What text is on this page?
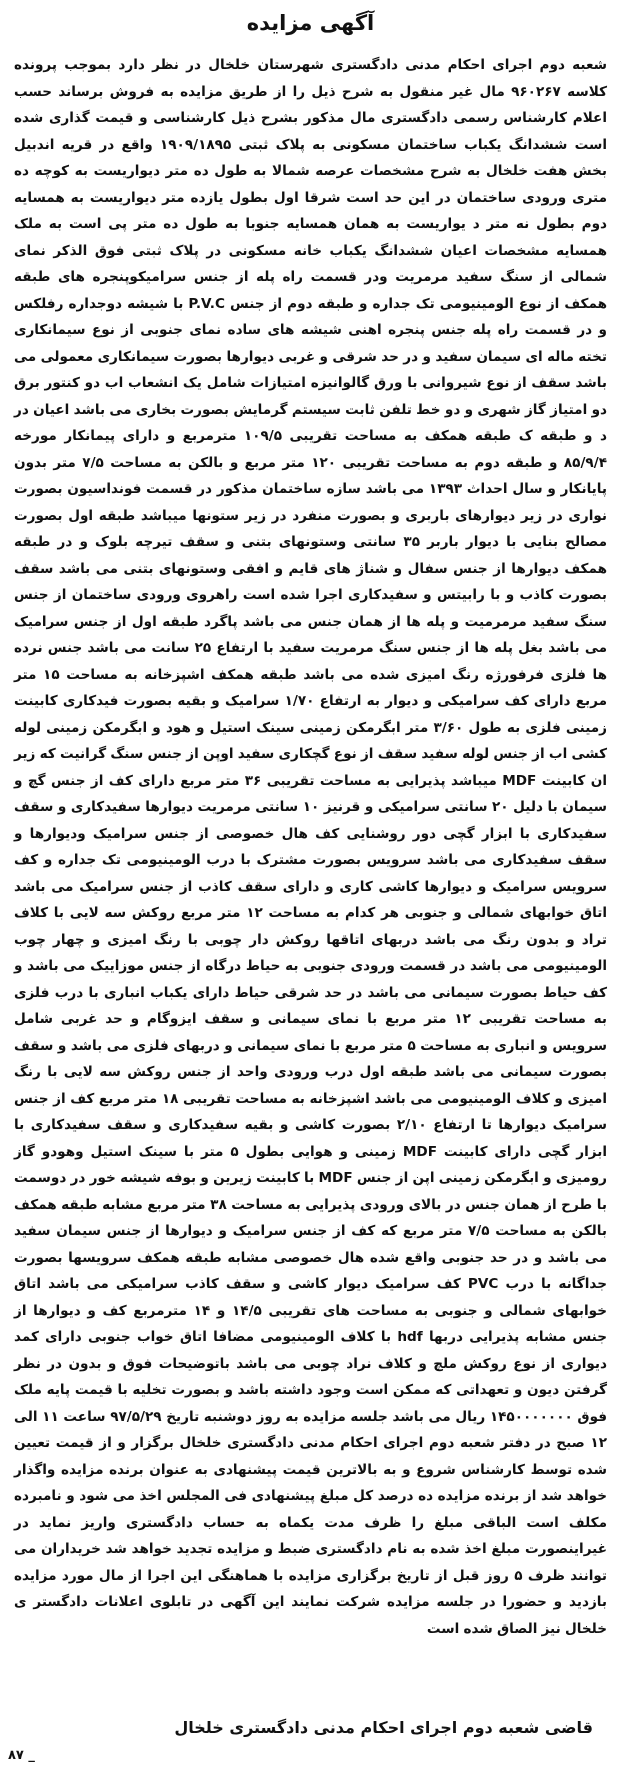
آگهی مزایده

شعبه دوم اجرای احکام مدنی دادگستری شهرستان خلخال در نظر دارد بموجب پرونده کلاسه ۹۶۰۲۶۷ مال غیر منقول به شرح ذیل را از طریق مزایده به فروش برساند حسب اعلام کارشناس رسمی دادگستری مال مذکور بشرح ذیل کارشناسی و قیمت گذاری شده است ششدانگ یکباب ساختمان مسکونی به پلاک ثبتی ۱۹۰۹/۱۸۹۵ واقع در قریه اندبیل بخش هفت خلخال به شرح مشخصات عرصه شمالا به طول ده متر دیواریست به کوچه ده متری ورودی ساختمان در این حد است شرقا اول بطول یازده متر دیواریست به همسایه دوم بطول نه متر د یواریست به همان همسایه جنوبا به طول ده متر پی است به ملک همسایه مشخصات اعیان ششدانگ یکباب خانه مسکونی در پلاک ثبتی فوق الذکر نمای شمالی از سنگ سفید مرمریت ودر قسمت راه پله از جنس سرامیکوپنجره های طبقه همکف از نوع الومینیومی تک جداره و طبقه دوم از جنس P.V.C با شیشه دوجداره رفلکس و در قسمت راه پله جنس پنجره اهنی شیشه های ساده نمای جنوبی از نوع سیمانکاری تخته ماله ای سیمان سفید و در حد شرقی و غربی دیوارها بصورت سیمانکاری معمولی می باشد سقف از نوع شیروانی با ورق گالوانیزه امتیازات شامل یک انشعاب اب دو کنتور برق دو امتیاز گاز شهری و دو خط تلفن ثابت سیستم گرمایش بصورت بخاری می باشد اعیان در د و طبقه ک طبقه همکف به مساحت تقریبی ۱۰۹/۵ مترمربع و دارای پیمانکار مورخه ۸۵/۹/۴ و طبقه دوم به مساحت تقریبی ۱۲۰ متر مربع و بالکن به مساحت ۷/۵ متر بدون پایانکار و سال احداث ۱۳۹۳ می باشد سازه ساختمان مذکور در قسمت فونداسیون بصورت نواری در زیر دیوارهای باربری و بصورت منفرد در زیر ستونها میباشد طبقه اول بصورت مصالح بنایی با دیوار باربر ۳۵ سانتی وستونهای بتنی و سقف تیرچه بلوک و در طبقه همکف دیوارها از جنس سفال و شناژ های قایم و افقی وستونهای بتنی می باشد سقف بصورت کاذب و با رابیتس و سفیدکاری اجرا شده است راهروی ورودی ساختمان از جنس سنگ سفید مرمرمیت و پله ها از همان جنس می باشد پاگرد طبقه اول از جنس سرامیک می باشد بغل پله ها از جنس سنگ مرمریت سفید با ارتفاع ۲۵ سانت می باشد جنس نرده ها فلزی فرفورژه رنگ امیزی شده می باشد طبقه همکف اشپزخانه به مساحت ۱۵ متر مربع دارای کف سرامیکی و دیوار به ارتفاع ۱/۷۰ سرامیک و بقیه بصورت فیدکاری کابینت زمینی فلزی به طول ۳/۶۰ متر ابگرمکن زمینی سینک استیل و هود و ابگرمکن زمینی لوله کشی اب از جنس لوله سفید سقف از نوع گچکاری سفید اوپن از جنس سنگ گرانیت که زیر ان کابینت MDF میباشد پذیرایی به مساحت تقریبی ۳۶ متر مربع دارای کف از جنس گچ و سیمان با دلیل ۲۰ سانتی سرامیکی و قرنیز ۱۰ سانتی مرمریت دیوارها سفیدکاری و سقف سفیدکاری با ابزار گچی دور روشنایی کف هال خصوصی از جنس سرامیک ودیوارها و سقف سفیدکاری می باشد سرویس بصورت مشترک با درب الومینیومی تک جداره و کف سرویس سرامیک و دیوارها کاشی کاری و دارای سقف کاذب از جنس سرامیک می باشد اتاق خوابهای شمالی و جنوبی هر کدام به مساحت ۱۲ متر مربع روکش سه لایی با کلاف تراد و بدون رنگ می باشد دربهای اتاقها روکش دار چوبی با رنگ امیزی و چهار چوب الومینیومی می باشد در قسمت ورودی جنوبی به حیاط درگاه از جنس موزاییک می باشد و کف حیاط بصورت سیمانی می باشد در حد شرقی حیاط دارای یکباب انباری با درب فلزی به مساحت تقریبی ۱۲ متر مربع با نمای سیمانی و سقف ایزوگام و حد غربی شامل سرویس و انباری به مساحت ۵ متر مربع با نمای سیمانی و دربهای فلزی می باشد و سقف بصورت سیمانی می باشد طبقه اول درب ورودی واحد از جنس روکش سه لایی با رنگ امیزی و کلاف الومینیومی می باشد اشپزخانه به مساحت تقریبی ۱۸ متر مربع کف از جنس سرامیک دیوارها تا ارتفاع ۲/۱۰ بصورت کاشی و بقیه سفیدکاری و سقف سفیدکاری با ابزار گچی دارای کابینت MDF زمینی و هوایی بطول ۵ متر با سینک استیل وهودو گاز رومیزی و ابگرمکن زمینی اپن از جنس MDF با کابینت زیرین و بوفه شیشه خور در دوسمت با طرح از همان جنس در بالای ورودی پذیرایی به مساحت ۳۸ متر مربع مشابه طبقه همکف بالکن به مساحت ۷/۵ متر مربع که کف از جنس سرامیک و دیوارها از جنس سیمان سفید می باشد و در حد جنوبی واقع شده هال خصوصی مشابه طبقه همکف سرویسها بصورت جداگانه با درب PVC کف سرامیک دیوار کاشی و سقف کاذب سرامیکی می باشد اتاق خوابهای شمالی و جنوبی به مساحت های تقریبی ۱۴/۵ و ۱۴ مترمربع کف و دیوارها از جنس مشابه پذیرایی دربها hdf با کلاف الومینیومی مضافا اتاق خواب جنوبی دارای کمد دیواری از نوع روکش ملچ و کلاف نراد چوبی می باشد باتوضیحات فوق و بدون در نظر گرفتن دیون و تعهداتی که ممکن است وجود داشته باشد و بصورت تخلیه با قیمت پایه ملک فوق ۱۴۵۰۰۰۰۰۰۰ ریال می باشد جلسه مزایده به روز دوشنبه تاریخ ۹۷/۵/۲۹ ساعت ۱۱ الی ۱۲ صبح در دفتر شعبه دوم اجرای احکام مدنی دادگستری خلخال برگزار و از قیمت تعیین شده توسط کارشناس شروع و به بالاترین قیمت پیشنهادی به عنوان برنده مزایده واگذار خواهد شد از برنده مزایده ده درصد کل مبلغ پیشنهادی فی المجلس اخذ می شود و نامبرده مکلف است الباقی مبلغ را ظرف مدت یکماه به حساب دادگستری واریز نماید در غیراینصورت مبلغ اخذ شده به نام دادگستری ضبط و مزایده تجدید خواهد شد خریداران می توانند ظرف ۵ روز قبل از تاریخ برگزاری مزایده با هماهنگی این اجرا از مال مورد مزایده بازدید و حضورا در جلسه مزایده شرکت نمایند این آگهی در تابلوی اعلانات دادگستر ی خلخال نیز الصاق شده است

قاضی شعبه دوم اجرای احکام مدنی دادگستری خلخال

۸۷ _
